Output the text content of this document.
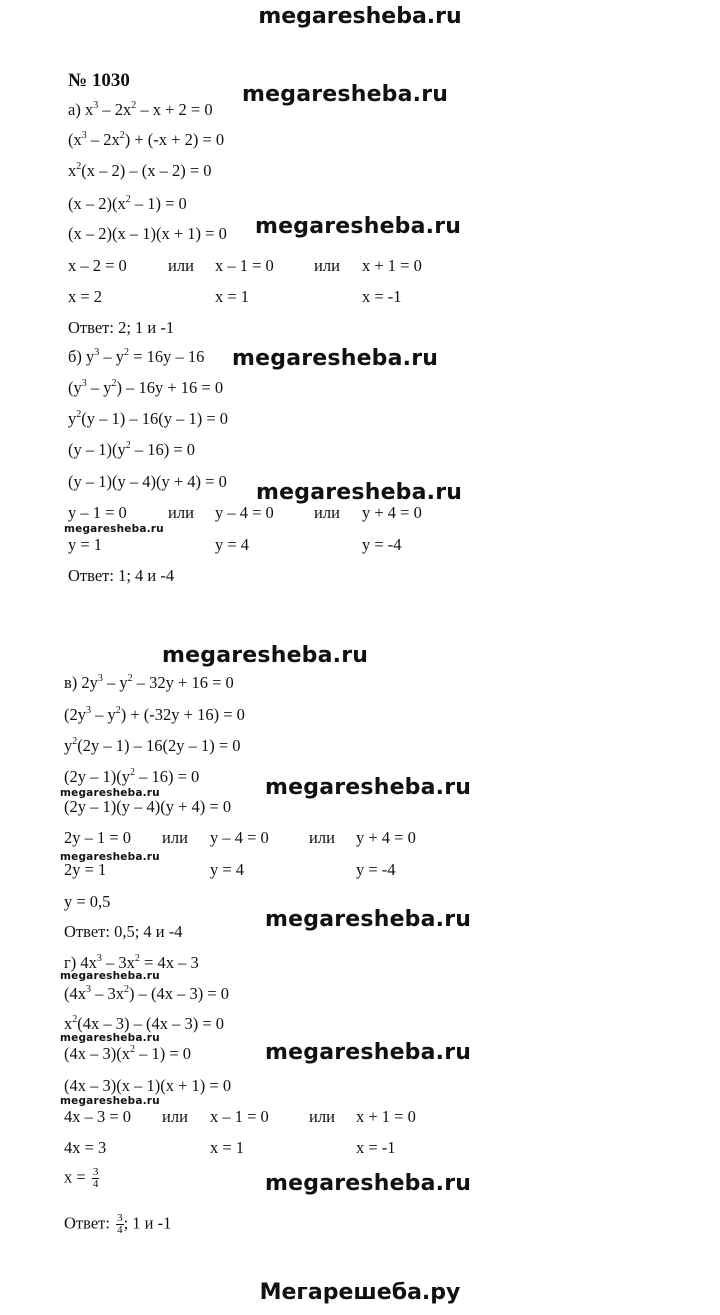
megaresheba.ru
№ 1030
а) $x^3 - 2x^2 - x + 2 = 0$
$(x^3 - 2x^2) + (-x + 2) = 0$
$x^2(x - 2) - (x - 2) = 0$
$(x - 2)(x^2 - 1) = 0$
(x – 2)(x – 1)(x + 1) = 0
x – 2 = 0 или x – 1 = 0 или x + 1 = 0
x = 2	x = 1	x = -1
Ответ: 2; 1 и -1
б) $y^3 - y^2 = 16y - 16$
$(y^3 - y^2) - 16y + 16 = 0$
$y^2(y - 1) - 16(y - 1) = 0$
$(y - 1)(y^2 - 16) = 0$
(y – 1)(y – 4)(y + 4) = 0
y – 1 = 0 или y – 4 = 0 или y + 4 = 0
y = 1	y = 4	y = -4
Ответ: 1; 4 и -4
в) $2y^3 - y^2 - 32y + 16 = 0$
$(2y^3 - y^2) + (-32y + 16) = 0$
$y^2(2y - 1) - 16(2y - 1) = 0$
$(2y - 1)(y^2 - 16) = 0$
(2y – 1)(y – 4)(y + 4) = 0
2y – 1 = 0 или y – 4 = 0 или y + 4 = 0
2y = 1	y = 4	y = -4
y = 0,5
Ответ: 0,5; 4 и -4
г) $4x^3 - 3x^2 = 4x - 3$
$(4x^3 - 3x^2) - (4x - 3) = 0$
$x^2(4x - 3) - (4x - 3) = 0$
$(4x - 3)(x^2 - 1) = 0$
(4x – 3)(x – 1)(x + 1) = 0
4x – 3 = 0 или x – 1 = 0 или x + 1 = 0
4x = 3	x = 1	x = -1
$x = \frac{3}{4}$
Ответ: $\frac{3}{4}$ ; 1 и -1
megaresheba.ru
megaresheba.ru
megaresheba.ru
megaresheba.ru
megaresheba.ru
megaresheba.ru
megaresheba.ru
megaresheba.ru
megaresheba.ru
megaresheba.ru
megaresheba.ru
megaresheba.ru
megaresheba.ru
megaresheba.ru
megaresheba.ru
Мегарешеба.ру
